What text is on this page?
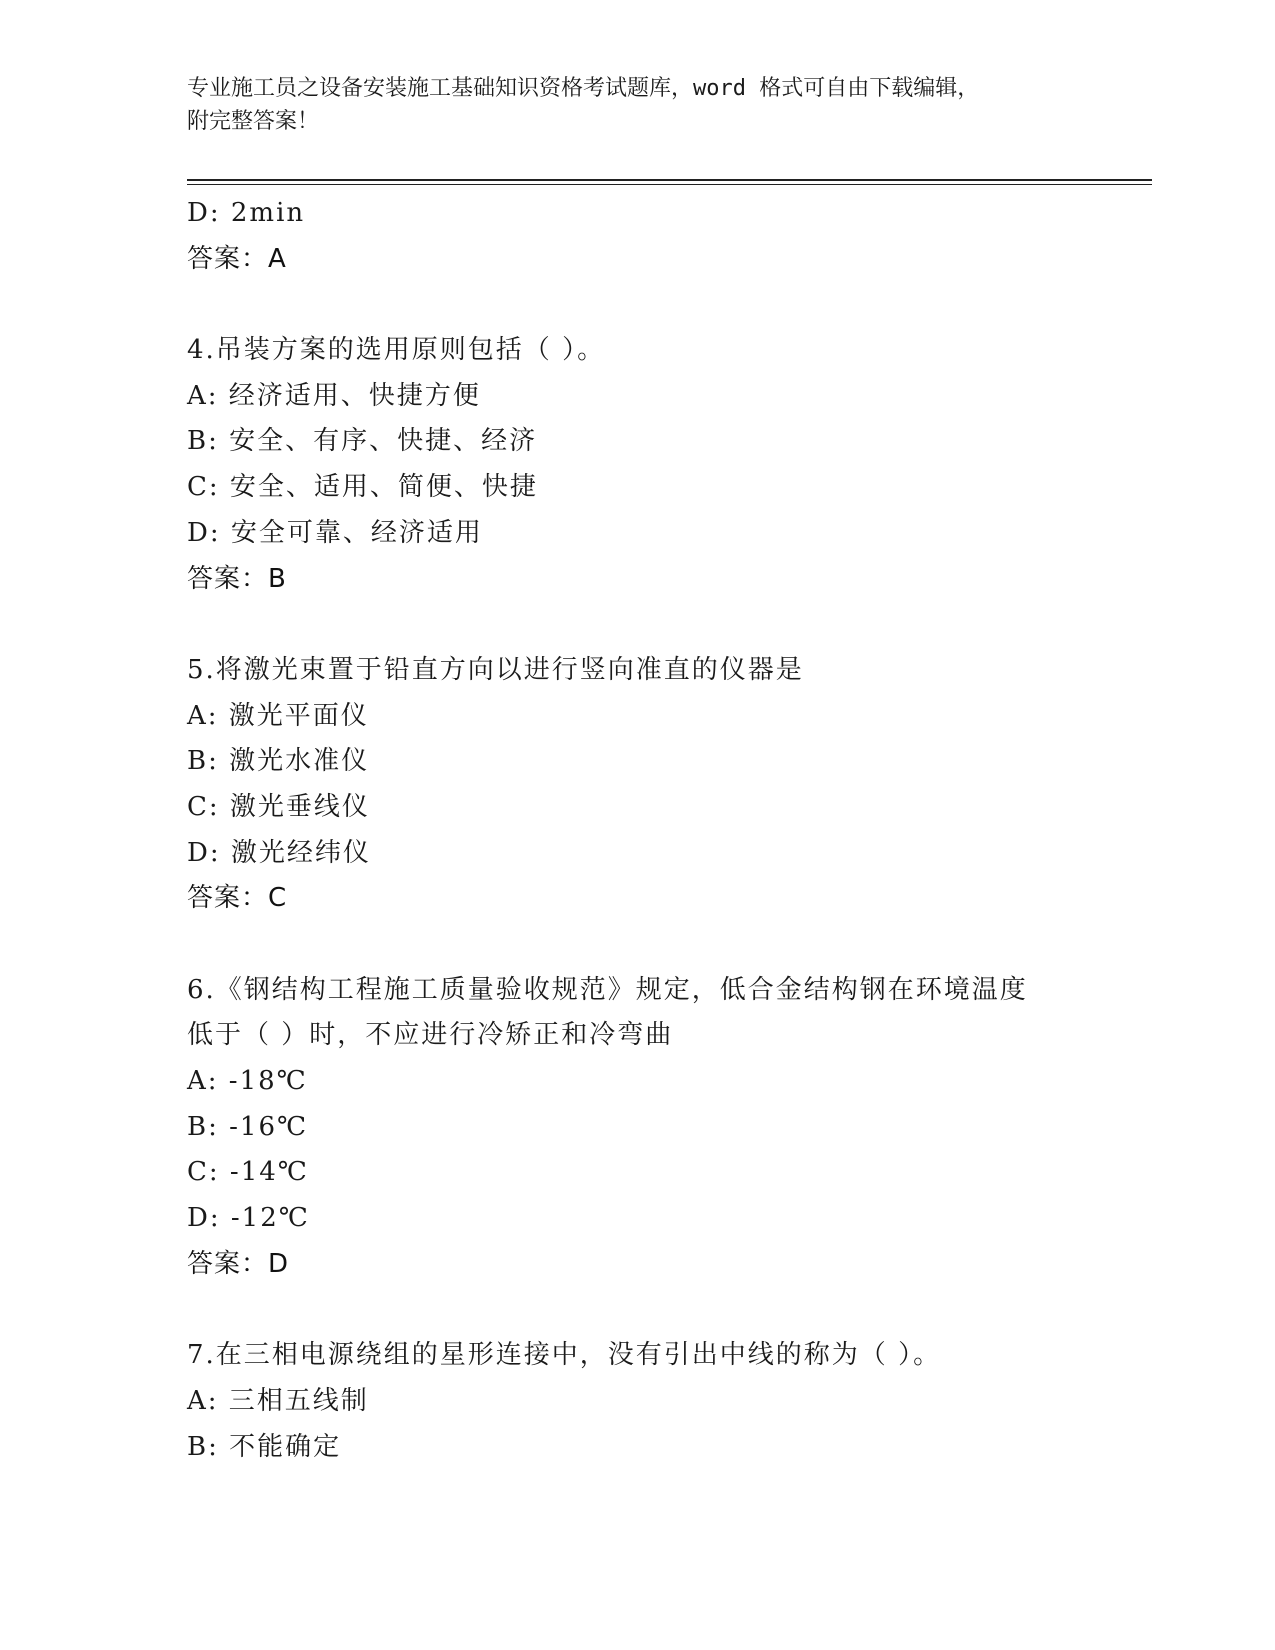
专业施工员之设备安装施工基础知识资格考试题库，word 格式可自由下载编辑，
附完整答案！
D: 2min
答案：A
4.吊装方案的选用原则包括（ ）。
A: 经济适用、快捷方便
B: 安全、有序、快捷、经济
C: 安全、适用、简便、快捷
D: 安全可靠、经济适用
答案：B
5.将激光束置于铅直方向以进行竖向准直的仪器是
A: 激光平面仪
B: 激光水准仪
C: 激光垂线仪
D: 激光经纬仪
答案：C
6.《钢结构工程施工质量验收规范》规定，低合金结构钢在环境温度
低于（ ）时，不应进行冷矫正和冷弯曲
A: -18℃
B: -16℃
C: -14℃
D: -12℃
答案：D
7.在三相电源绕组的星形连接中，没有引出中线的称为（ ）。
A: 三相五线制
B: 不能确定
